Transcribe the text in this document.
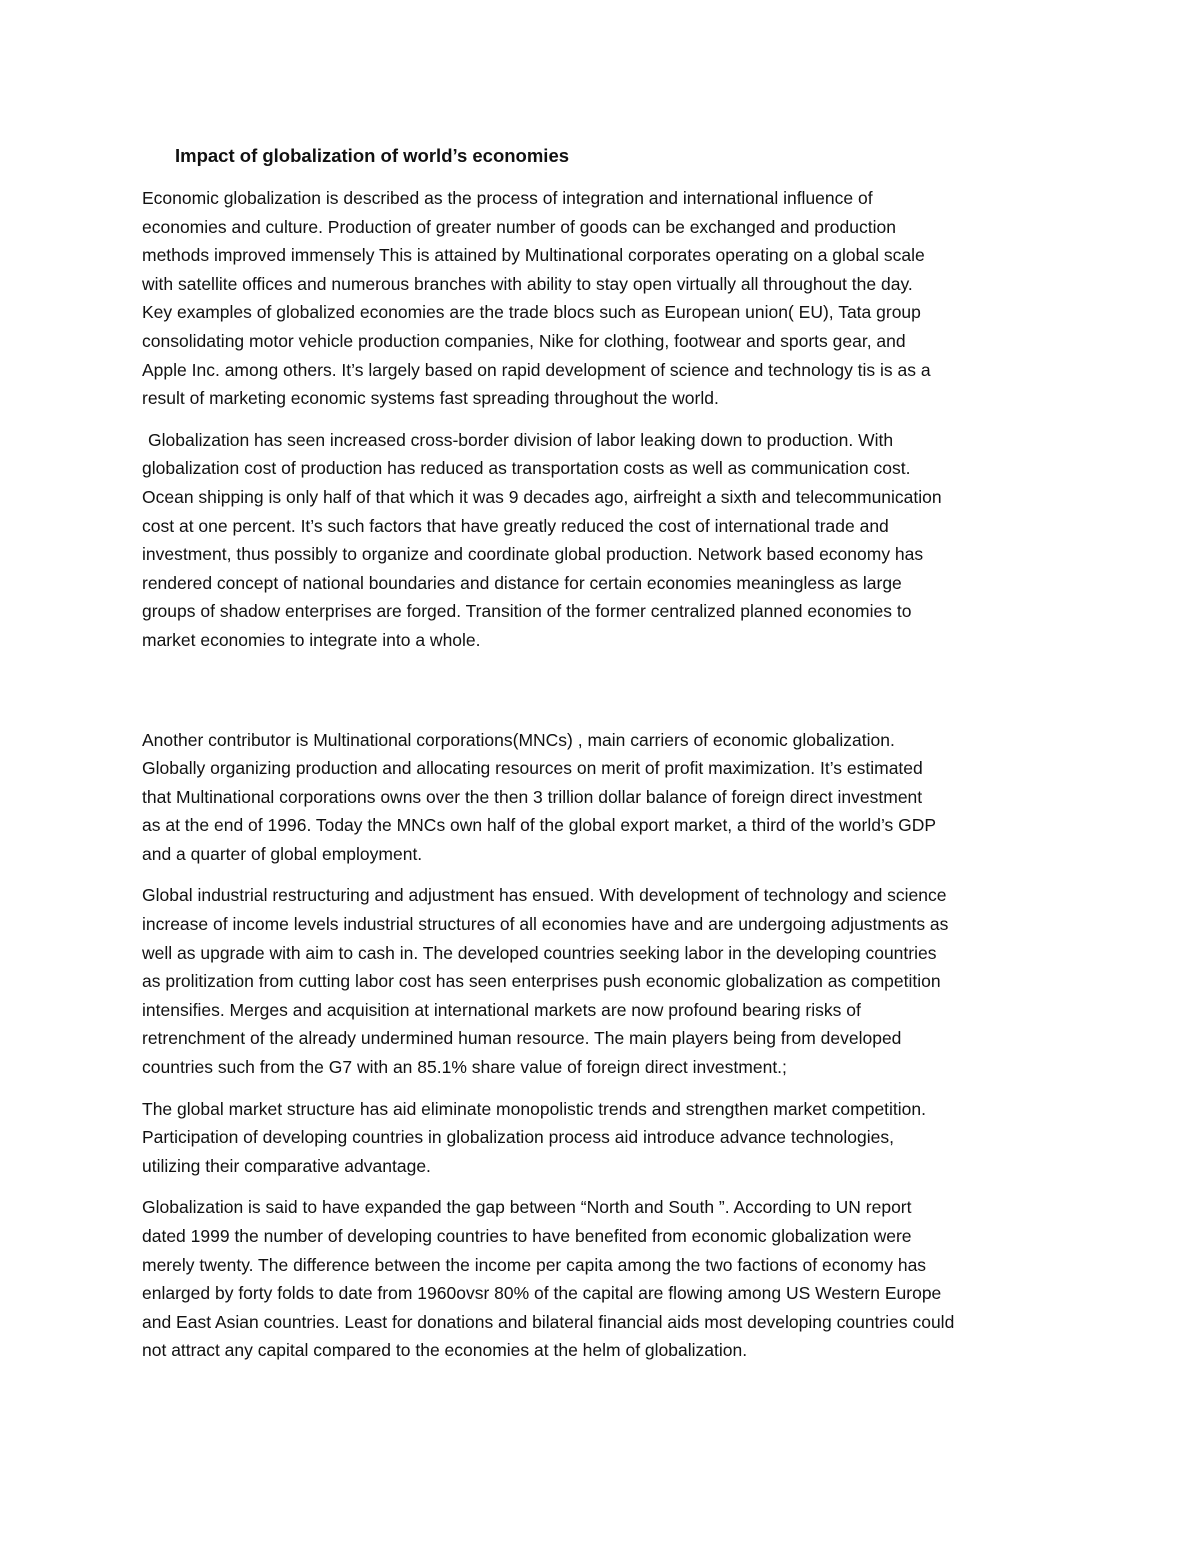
Impact of globalization of world’s economies
Economic globalization is described as the process of integration and international influence of
economies and culture. Production of greater number of goods can be exchanged and production
methods improved immensely This is attained by Multinational corporates operating on a global scale
with satellite offices and numerous branches with ability to stay open virtually all throughout the day.
Key examples of globalized economies are the trade blocs such as European union( EU), Tata group
consolidating motor vehicle production companies, Nike for clothing, footwear and sports gear, and
Apple Inc. among others. It’s largely based on rapid development of science and technology tis is as a
result of marketing economic systems fast spreading throughout the world.
Globalization has seen increased cross-border division of labor leaking down to production. With
globalization cost of production has reduced as transportation costs as well as communication cost.
Ocean shipping is only half of that which it was 9 decades ago, airfreight a sixth and telecommunication
cost at one percent. It’s such factors that have greatly reduced the cost of international trade and
investment, thus possibly to organize and coordinate global production. Network based economy has
rendered concept of national boundaries and distance for certain economies meaningless as large
groups of shadow enterprises are forged. Transition of the former centralized planned economies to
market economies to integrate into a whole.
Another contributor is Multinational corporations(MNCs) , main carriers of economic globalization.
Globally organizing production and allocating resources on merit of profit maximization. It’s estimated
that Multinational corporations owns over the then 3 trillion dollar balance of foreign direct investment
as at the end of 1996. Today the MNCs own half of the global export market, a third of the world’s GDP
and a quarter of global employment.
Global industrial restructuring and adjustment has ensued. With development of technology and science
increase of income levels industrial structures of all economies have and are undergoing adjustments as
well as upgrade with aim to cash in. The developed countries seeking labor in the developing countries
as prolitization from cutting labor cost has seen enterprises push economic globalization as competition
intensifies. Merges and acquisition at international markets are now profound bearing risks of
retrenchment of the already undermined human resource. The main players being from developed
countries such from the G7 with an 85.1% share value of foreign direct investment.;
The global market structure has aid eliminate monopolistic trends and strengthen market competition.
Participation of developing countries in globalization process aid introduce advance technologies,
utilizing their comparative advantage.
Globalization is said to have expanded the gap between “North and South ”. According to UN report
dated 1999 the number of developing countries to have benefited from economic globalization were
merely twenty. The difference between the income per capita among the two factions of economy has
enlarged by forty folds to date from 1960ovsr 80% of the capital are flowing among US Western Europe
and East Asian countries. Least for donations and bilateral financial aids most developing countries could
not attract any capital compared to the economies at the helm of globalization.
